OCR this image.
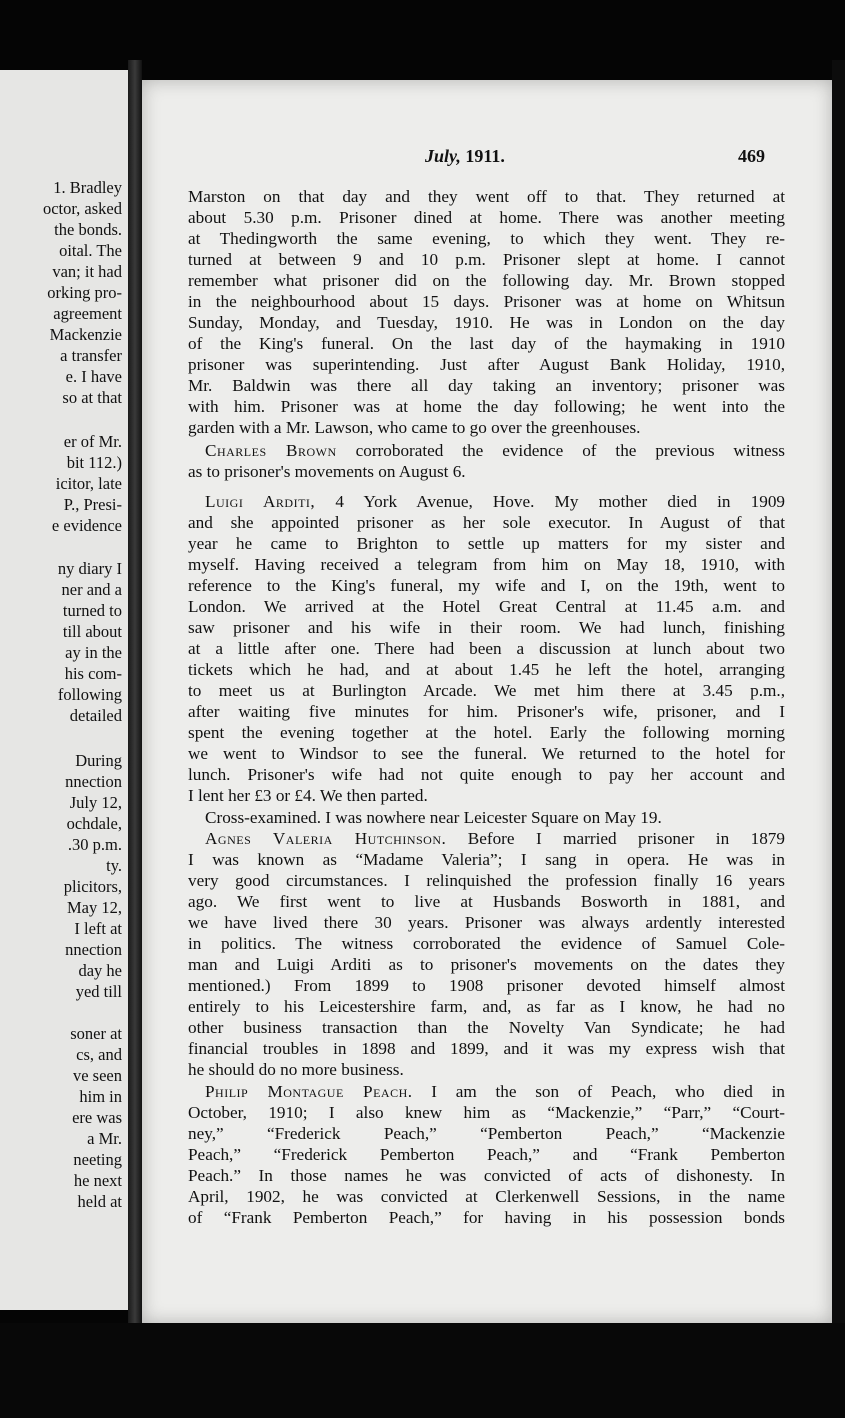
1. Bradley

octor, asked

the bonds.

oital. The

van; it had

orking pro-

agreement

Mackenzie

a transfer

e. I have

so at that

er of Mr.

bit 112.)

icitor, late

P., Presi-

e evidence

ny diary I

ner and a

turned to

till about

ay in the

his com-

following

detailed

During

nnection

July 12,

ochdale,

.30 p.m.

ty.

plicitors,

May 12,

I left at

nnection

day he

yed till

soner at

cs, and

ve seen

him in

ere was

a Mr.

neeting

he next

held at

July, 1911.	469

Marston on that day and they went off to that. They returned at

about 5.30 p.m. Prisoner dined at home. There was another meeting

at Thedingworth the same evening, to which they went. They re-

turned at between 9 and 10 p.m. Prisoner slept at home. I cannot

remember what prisoner did on the following day. Mr. Brown stopped

in the neighbourhood about 15 days. Prisoner was at home on Whitsun

Sunday, Monday, and Tuesday, 1910. He was in London on the day

of the King's funeral. On the last day of the haymaking in 1910

prisoner was superintending. Just after August Bank Holiday, 1910,

Mr. Baldwin was there all day taking an inventory; prisoner was

with him. Prisoner was at home the day following; he went into the

garden with a Mr. Lawson, who came to go over the greenhouses.

Charles Brown corroborated the evidence of the previous witness

as to prisoner's movements on August 6.

Luigi Arditi, 4 York Avenue, Hove. My mother died in 1909

and she appointed prisoner as her sole executor. In August of that

year he came to Brighton to settle up matters for my sister and

myself. Having received a telegram from him on May 18, 1910, with

reference to the King's funeral, my wife and I, on the 19th, went to

London. We arrived at the Hotel Great Central at 11.45 a.m. and

saw prisoner and his wife in their room. We had lunch, finishing

at a little after one. There had been a discussion at lunch about two

tickets which he had, and at about 1.45 he left the hotel, arranging

to meet us at Burlington Arcade. We met him there at 3.45 p.m.,

after waiting five minutes for him. Prisoner's wife, prisoner, and I

spent the evening together at the hotel. Early the following morning

we went to Windsor to see the funeral. We returned to the hotel for

lunch. Prisoner's wife had not quite enough to pay her account and

I lent her £3 or £4. We then parted.

Cross-examined. I was nowhere near Leicester Square on May 19.

Agnes Valeria Hutchinson. Before I married prisoner in 1879

I was known as “Madame Valeria”; I sang in opera. He was in

very good circumstances. I relinquished the profession finally 16 years

ago. We first went to live at Husbands Bosworth in 1881, and

we have lived there 30 years. Prisoner was always ardently interested

in politics. The witness corroborated the evidence of Samuel Cole-

man and Luigi Arditi as to prisoner's movements on the dates they

mentioned.) From 1899 to 1908 prisoner devoted himself almost

entirely to his Leicestershire farm, and, as far as I know, he had no

other business transaction than the Novelty Van Syndicate; he had

financial troubles in 1898 and 1899, and it was my express wish that

he should do no more business.

Philip Montague Peach. I am the son of Peach, who died in

October, 1910; I also knew him as “Mackenzie,” “Parr,” “Court-

ney,” “Frederick Peach,” “Pemberton Peach,” “Mackenzie

Peach,” “Frederick Pemberton Peach,” and “Frank Pemberton

Peach.” In those names he was convicted of acts of dishonesty. In

April, 1902, he was convicted at Clerkenwell Sessions, in the name

of “Frank Pemberton Peach,” for having in his possession bonds
